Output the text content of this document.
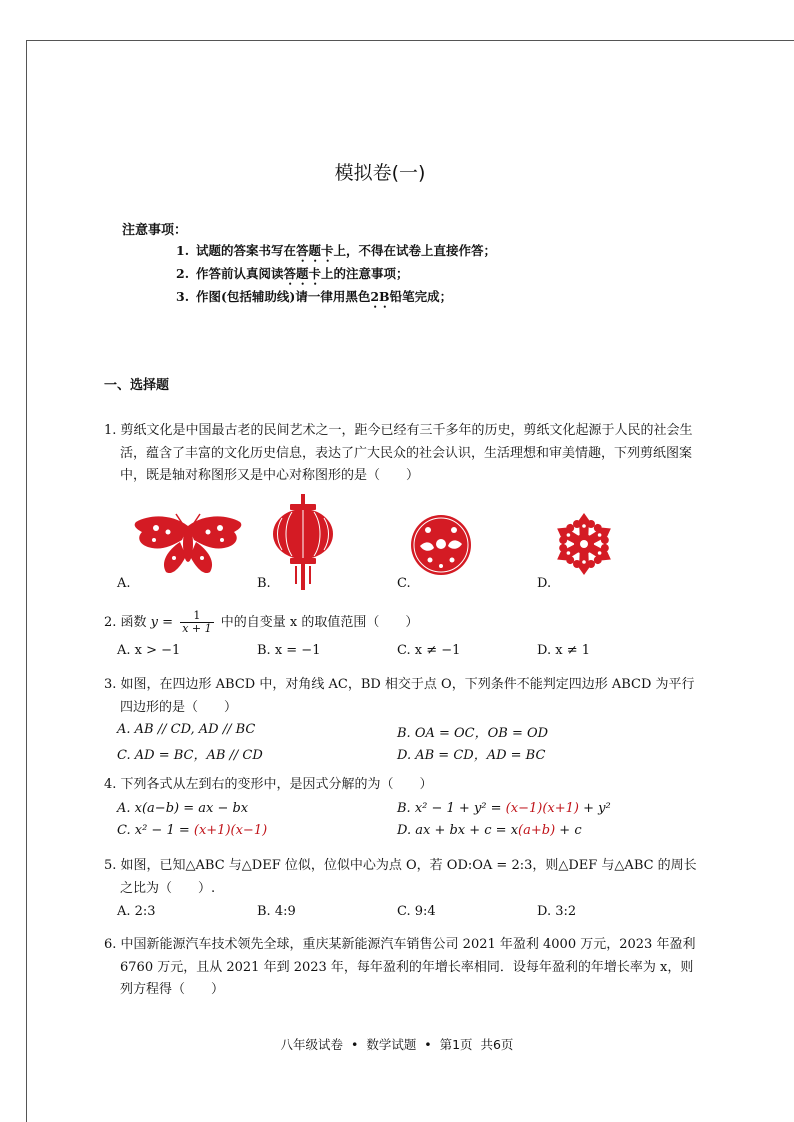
模拟卷(一)
注意事项：
1. 试题的答案书写在答题卡上，不得在试卷上直接作答；
2. 作答前认真阅读答题卡上的注意事项；
3. 作图(包括辅助线)请一律用黑色2B铅笔完成；
一、选择题
1. 剪纸文化是中国最古老的民间艺术之一，距今已经有三千多年的历史，剪纸文化起源于人民的社会生活，蕴含了丰富的文化历史信息，表达了广大民众的社会认识，生活理想和审美情趣，下列剪纸图案中，既是轴对称图形又是中心对称图形的是（　　）
A.	B.	C.	D.
2. 函数 $y = \frac{1}{x + 1}$ 中的自变量 x 的取值范围（　　）
A. x > −1	B. x = −1	C. x ≠ −1	D. x ≠ 1
3. 如图，在四边形 ABCD 中，对角线 AC，BD 相交于点 O，下列条件不能判定四边形 ABCD 为平行四边形的是（　　）
A. AB // CD, AD // BC	B. OA = OC，OB = OD
C. AD = BC，AB // CD	D. AB = CD，AD = BC
4. 下列各式从左到右的变形中，是因式分解的为（　　）
A. x(a−b) = ax − bx	B. x² − 1 + y² = (x−1)(x+1) + y²
C. x² − 1 = (x+1)(x−1)	D. ax + bx + c = x(a+b) + c
5. 如图，已知△ABC 与△DEF 位似，位似中心为点 O，若 OD:OA = 2:3，则△DEF 与△ABC 的周长之比为（　　）.
A. 2:3	B. 4:9	C. 9:4	D. 3:2
6. 中国新能源汽车技术领先全球，重庆某新能源汽车销售公司 2021 年盈利 4000 万元，2023 年盈利 6760 万元，且从 2021 年到 2023 年，每年盈利的年增长率相同．设每年盈利的年增长率为 x，则列方程得（　　）
八年级试卷  •  数学试题  •  第1页  共6页
